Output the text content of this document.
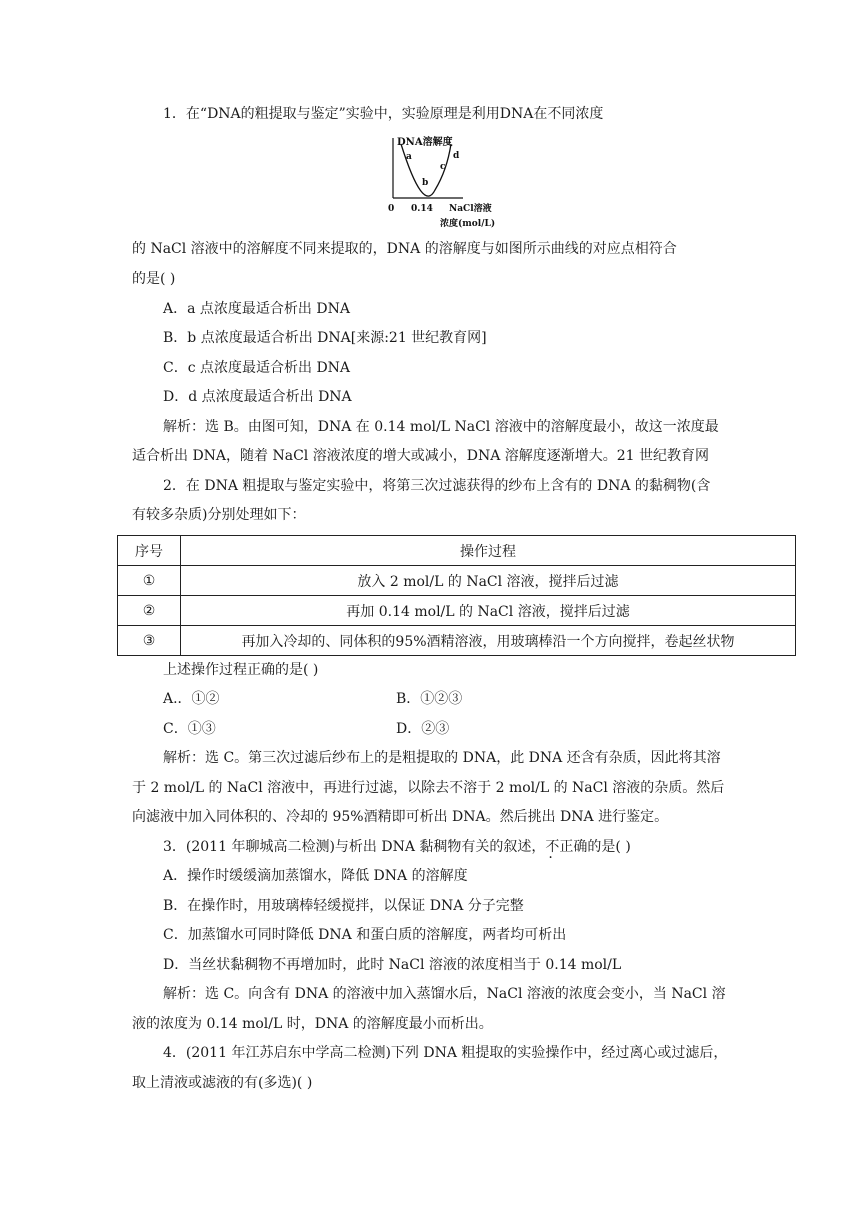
1．在“DNA的粗提取与鉴定”实验中，实验原理是利用DNA在不同浓度
DNA溶解度
a
b
c
d
0 0.14 NaCl溶液
浓度(mol/L)
的 NaCl 溶液中的溶解度不同来提取的，DNA 的溶解度与如图所示曲线的对应点相符合
的是( )
A．a 点浓度最适合析出 DNA
B．b 点浓度最适合析出 DNA[来源:21 世纪教育网]
C．c 点浓度最适合析出 DNA
D．d 点浓度最适合析出 DNA
解析：选 B。由图可知，DNA 在 0.14 mol/L NaCl 溶液中的溶解度最小，故这一浓度最
适合析出 DNA，随着 NaCl 溶液浓度的增大或减小，DNA 溶解度逐渐增大。21 世纪教育网
2．在 DNA 粗提取与鉴定实验中，将第三次过滤获得的纱布上含有的 DNA 的黏稠物(含
有较多杂质)分别处理如下：
序号	操作过程
①	放入 2 mol/L 的 NaCl 溶液，搅拌后过滤
②	再加 0.14 mol/L 的 NaCl 溶液，搅拌后过滤
③	再加入冷却的、同体积的95%酒精溶液，用玻璃棒沿一个方向搅拌，卷起丝状物
上述操作过程正确的是( )
A.．①②	B．①②③
C．①③	D．②③
解析：选 C。第三次过滤后纱布上的是粗提取的 DNA，此 DNA 还含有杂质，因此将其溶
于 2 mol/L 的 NaCl 溶液中，再进行过滤，以除去不溶于 2 mol/L 的 NaCl 溶液的杂质。然后
向滤液中加入同体积的、冷却的 95%酒精即可析出 DNA。然后挑出 DNA 进行鉴定。
3．(2011 年聊城高二检测)与析出 DNA 黏稠物有关的叙述，不正确的是( )
A．操作时缓缓滴加蒸馏水，降低 DNA 的溶解度
B．在操作时，用玻璃棒轻缓搅拌，以保证 DNA 分子完整
C．加蒸馏水可同时降低 DNA 和蛋白质的溶解度，两者均可析出
D．当丝状黏稠物不再增加时，此时 NaCl 溶液的浓度相当于 0.14 mol/L
解析：选 C。向含有 DNA 的溶液中加入蒸馏水后，NaCl 溶液的浓度会变小，当 NaCl 溶
液的浓度为 0.14 mol/L 时，DNA 的溶解度最小而析出。
4．(2011 年江苏启东中学高二检测)下列 DNA 粗提取的实验操作中，经过离心或过滤后，
取上清液或滤液的有(多选)( )
